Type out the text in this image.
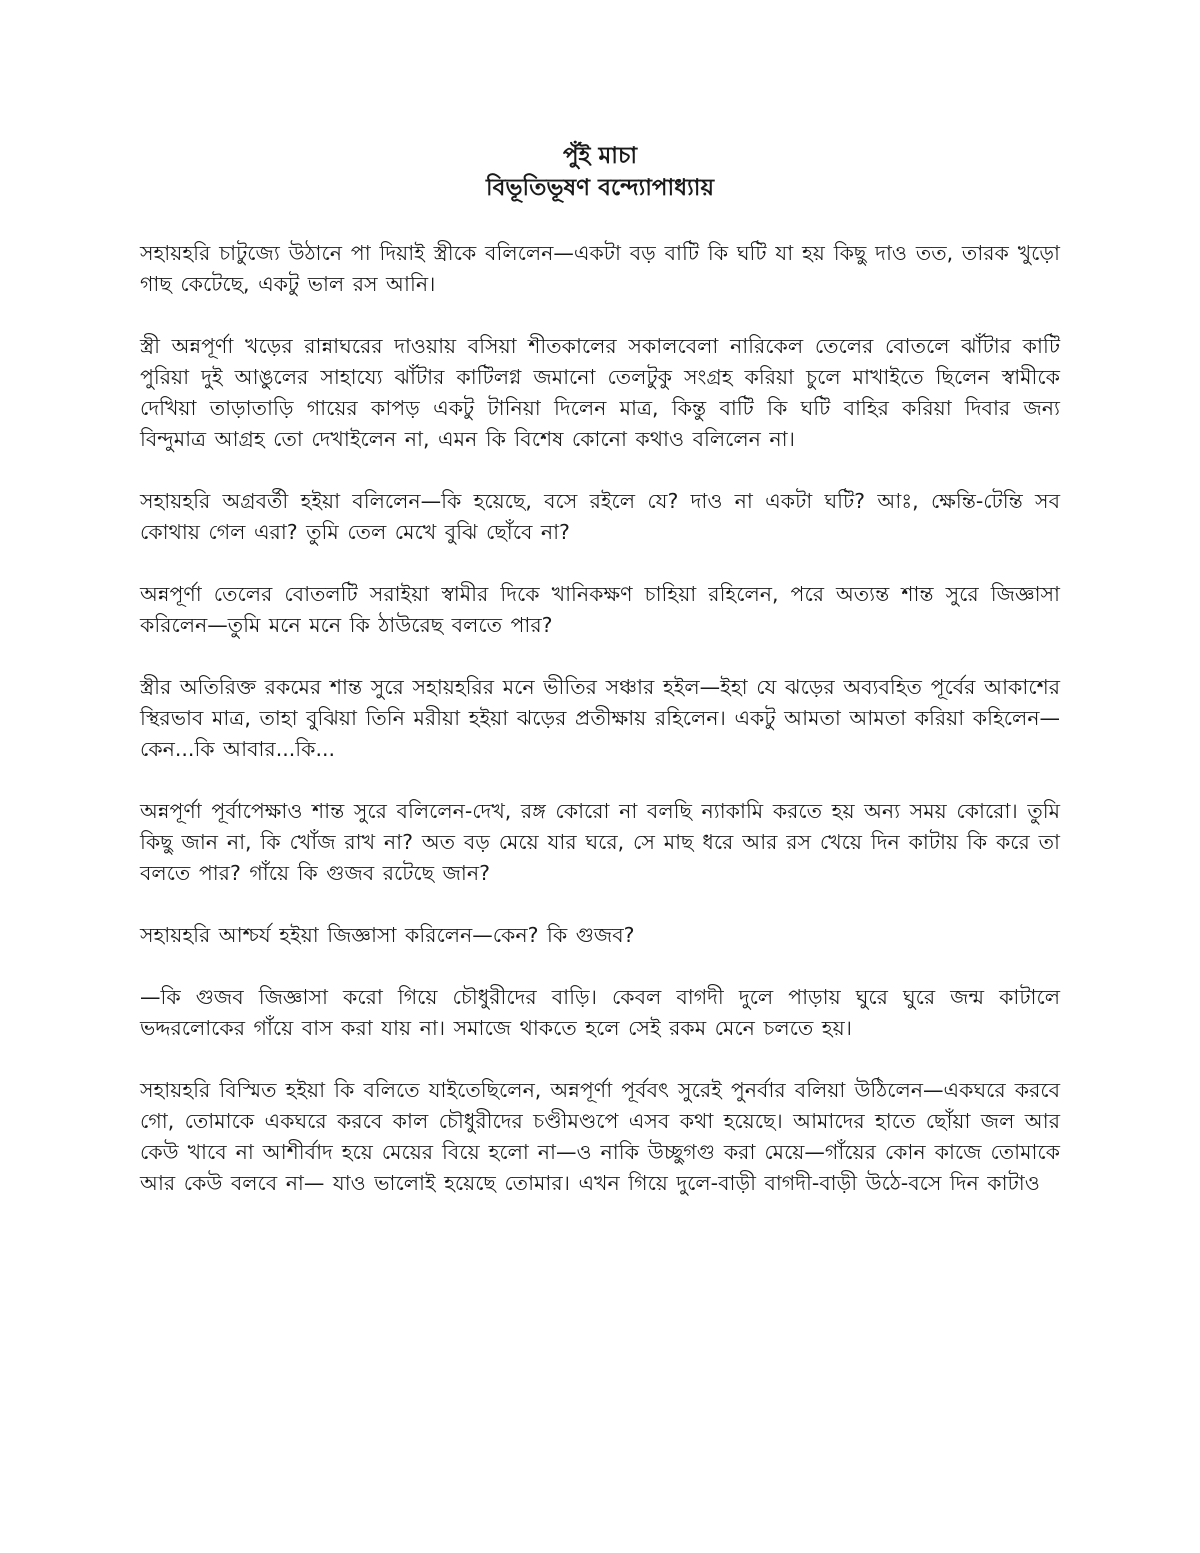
পুঁই মাচা

বিভূতিভূষণ বন্দ্যোপাধ্যায়

সহায়হরি চাটুজ্যে উঠানে পা দিয়াই স্ত্রীকে বলিলেন—একটা বড় বাটি কি ঘটি যা হয় কিছু দাও তত, তারক খুড়ো গাছ কেটেছে, একটু ভাল রস আনি।

স্ত্রী অন্নপূর্ণা খড়ের রান্নাঘরের দাওয়ায় বসিয়া শীতকালের সকালবেলা নারিকেল তেলের বোতলে ঝাঁটার কাটি পুরিয়া দুই আঙুলের সাহায্যে ঝাঁটার কাটিলগ্ন জমানো তেলটুকু সংগ্রহ করিয়া চুলে মাখাইতে ছিলেন স্বামীকে দেখিয়া তাড়াতাড়ি গায়ের কাপড় একটু টানিয়া দিলেন মাত্র, কিন্তু বাটি কি ঘটি বাহির করিয়া দিবার জন্য বিন্দুমাত্র আগ্রহ তো দেখাইলেন না, এমন কি বিশেষ কোনো কথাও বলিলেন না।

সহায়হরি অগ্রবর্তী হইয়া বলিলেন—কি হয়েছে, বসে রইলে যে? দাও না একটা ঘটি? আঃ, ক্ষেন্তি-টেন্তি সব কোথায় গেল এরা? তুমি তেল মেখে বুঝি ছোঁবে না?

অন্নপূর্ণা তেলের বোতলটি সরাইয়া স্বামীর দিকে খানিকক্ষণ চাহিয়া রহিলেন, পরে অত্যন্ত শান্ত সুরে জিজ্ঞাসা করিলেন—তুমি মনে মনে কি ঠাউরেছ বলতে পার?

স্ত্রীর অতিরিক্ত রকমের শান্ত সুরে সহায়হরির মনে ভীতির সঞ্চার হইল—ইহা যে ঝড়ের অব্যবহিত পূর্বের আকাশের স্থিরভাব মাত্র, তাহা বুঝিয়া তিনি মরীয়া হইয়া ঝড়ের প্রতীক্ষায় রহিলেন। একটু আমতা আমতা করিয়া কহিলেন—কেন...কি আবার...কি...

অন্নপূর্ণা পূর্বাপেক্ষাও শান্ত সুরে বলিলেন-দেখ, রঙ্গ কোরো না বলছি ন্যাকামি করতে হয় অন্য সময় কোরো। তুমি কিছু জান না, কি খোঁজ রাখ না? অত বড় মেয়ে যার ঘরে, সে মাছ ধরে আর রস খেয়ে দিন কাটায় কি করে তা বলতে পার? গাঁয়ে কি গুজব রটেছে জান?

সহায়হরি আশ্চর্য হইয়া জিজ্ঞাসা করিলেন—কেন? কি গুজব?

—কি গুজব জিজ্ঞাসা করো গিয়ে চৌধুরীদের বাড়ি। কেবল বাগদী দুলে পাড়ায় ঘুরে ঘুরে জন্ম কাটালে ভদ্দরলোকের গাঁয়ে বাস করা যায় না। সমাজে থাকতে হলে সেই রকম মেনে চলতে হয়।

সহায়হরি বিস্মিত হইয়া কি বলিতে যাইতেছিলেন, অন্নপূর্ণা পূর্ববৎ সুরেই পুনর্বার বলিয়া উঠিলেন—একঘরে করবে গো, তোমাকে একঘরে করবে কাল চৌধুরীদের চণ্ডীমণ্ডপে এসব কথা হয়েছে। আমাদের হাতে ছোঁয়া জল আর কেউ খাবে না আশীর্বাদ হয়ে মেয়ের বিয়ে হলো না—ও নাকি উচ্ছুগগু করা মেয়ে—গাঁয়ের কোন কাজে তোমাকে আর কেউ বলবে না— যাও ভালোই হয়েছে তোমার। এখন গিয়ে দুলে-বাড়ী বাগদী-বাড়ী উঠে-বসে দিন কাটাও
